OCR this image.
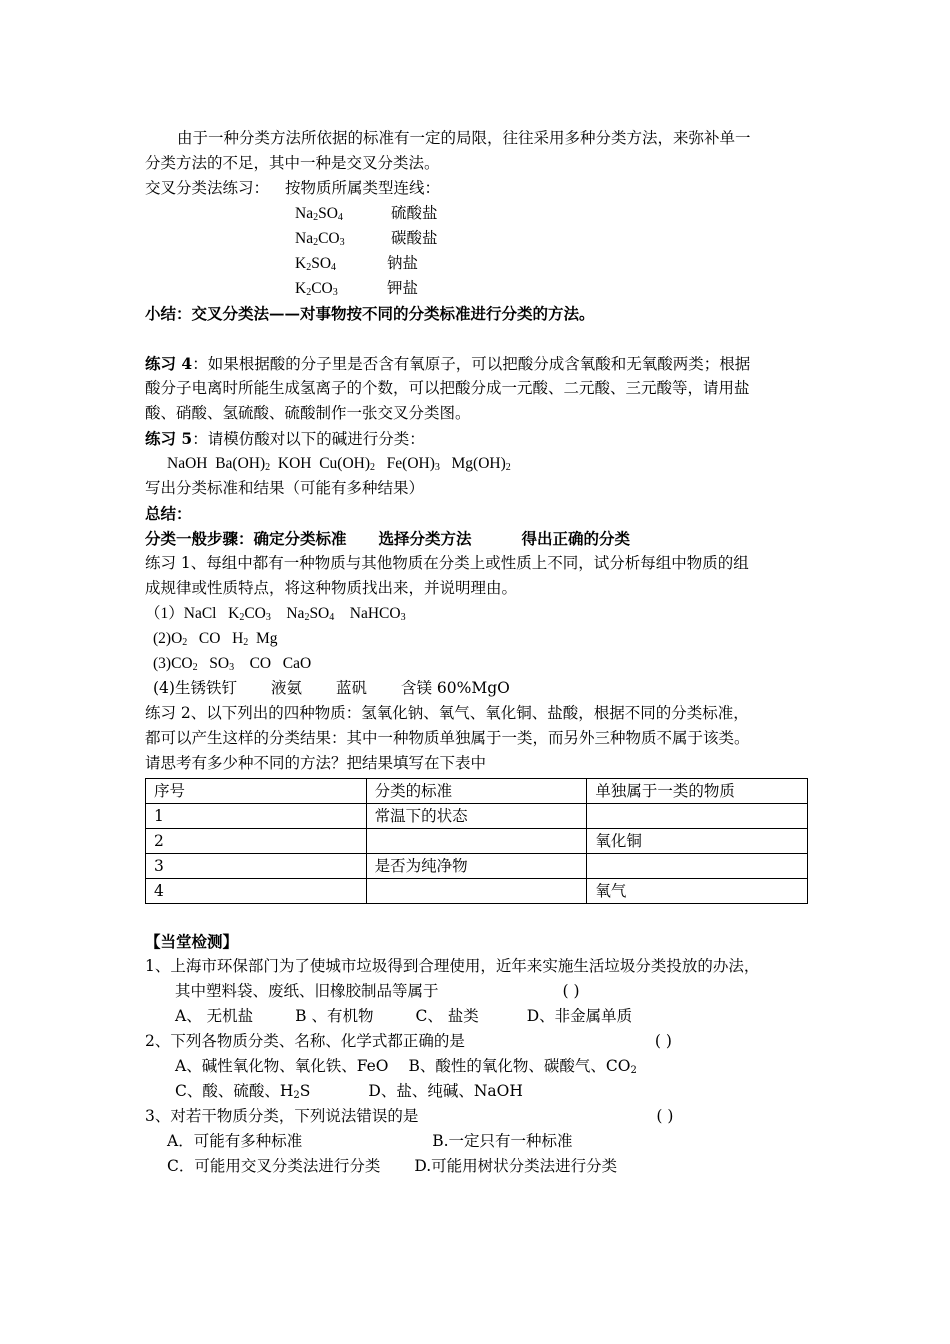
由于一种分类方法所依据的标准有一定的局限，往往采用多种分类方法，来弥补单一
分类方法的不足，其中一种是交叉分类法。
交叉分类法练习： 按物质所属类型连线：
$Na_2SO_4$	硫酸盐
$Na_2CO_3$	碳酸盐
$K_2SO_4$	钠盐
$K_2CO_3$	钾盐
小结：交叉分类法——对事物按不同的分类标准进行分类的方法。
练习 4：如果根据酸的分子里是否含有氧原子，可以把酸分成含氧酸和无氧酸两类；根据
酸分子电离时所能生成氢离子的个数，可以把酸分成一元酸、二元酸、三元酸等，请用盐
酸、硝酸、氢硫酸、硫酸制作一张交叉分类图。
练习 5：请模仿酸对以下的碱进行分类：
NaOH  $Ba(OH)_2$  KOH  $Cu(OH)_2$   $Fe(OH)_3$   $Mg(OH)_2$
写出分类标准和结果（可能有多种结果）
总结：
分类一般步骤：确定分类标准 选择分类方法	得出正确的分类
练习 1、每组中都有一种物质与其他物质在分类上或性质上不同，试分析每组中物质的组
成规律或性质特点，将这种物质找出来，并说明理由。
（1）NaCl   $K_2CO_3$    $Na_2SO_4$    NaHCO$_3$
$(2)O_2$   CO   $H_2$  Mg
$(3)CO_2$   $SO_3$    CO   CaO
(4)生锈铁钉 液氨 蓝矾 含镁 60%MgO
练习 2、以下列出的四种物质：氢氧化钠、氧气、氧化铜、盐酸，根据不同的分类标准，
都可以产生这样的分类结果：其中一种物质单独属于一类，而另外三种物质不属于该类。
请思考有多少种不同的方法？把结果填写在下表中
序号	分类的标准	单独属于一类的物质
1	常温下的状态	
2		氧化铜
3	是否为纯净物	
4		氧气
【当堂检测】
1、上海市环保部门为了使城市垃圾得到合理使用，近年来实施生活垃圾分类投放的办法，
其中塑料袋、废纸、旧橡胶制品等属于	( )
A、 无机盐	B 、有机物	C、 盐类	D、非金属单质
2、下列各物质分类、名称、化学式都正确的是	( )
A、碱性氧化物、氧化铁、FeO B、酸性的氧化物、碳酸气、$CO_2$
C、酸、硫酸、$H_2S$	D、盐、纯碱、NaOH
3、对若干物质分类，下列说法错误的是	( )
A．可能有多种标准	B.一定只有一种标准
C．可能用交叉分类法进行分类 D.可能用树状分类法进行分类
